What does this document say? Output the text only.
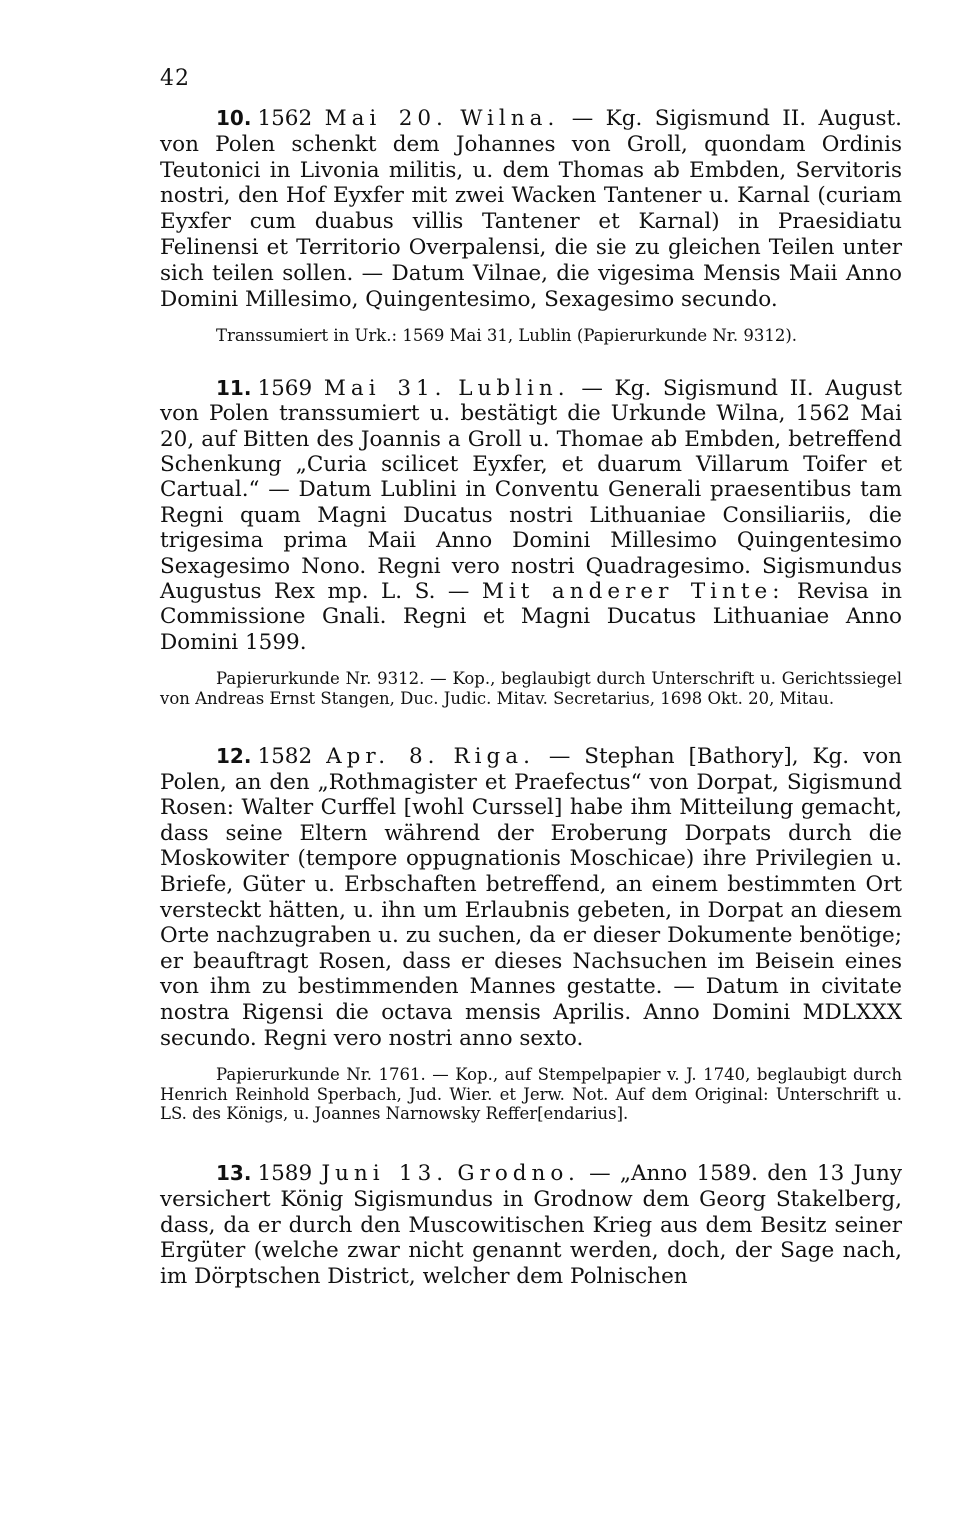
42

10. 1562 Mai 20. Wilna. — Kg. Sigismund II. August. von Polen schenkt dem Johannes von Groll, quondam Ordinis Teutonici in Livonia militis, u. dem Thomas ab Embden, Servitoris nostri, den Hof Eyxfer mit zwei Wacken Tantener u. Karnal (curiam Eyxfer cum duabus villis Tantener et Karnal) in Praesidiatu Felinensi et Territorio Overpalensi, die sie zu gleichen Teilen unter sich teilen sollen. — Datum Vilnae, die vigesima Mensis Maii Anno Domini Millesimo, Quingentesimo, Sexagesimo secundo.

Transsumiert in Urk.: 1569 Mai 31, Lublin (Papierurkunde Nr. 9312).

11. 1569 Mai 31. Lublin. — Kg. Sigismund II. August von Polen transsumiert u. bestätigt die Urkunde Wilna, 1562 Mai 20, auf Bitten des Joannis a Groll u. Thomae ab Embden, betreffend Schenkung „Curia scilicet Eyxfer, et duarum Villarum Toifer et Cartual.“ — Datum Lublini in Conventu Generali praesentibus tam Regni quam Magni Ducatus nostri Lithuaniae Consiliariis, die trigesima prima Maii Anno Domini Millesimo Quingentesimo Sexagesimo Nono. Regni vero nostri Quadragesimo. Sigismundus Augustus Rex mp. L. S. — Mit anderer Tinte: Revisa in Commissione Gnali. Regni et Magni Ducatus Lithuaniae Anno Domini 1599.

Papierurkunde Nr. 9312. — Kop., beglaubigt durch Unterschrift u. Gerichtssiegel von Andreas Ernst Stangen, Duc. Judic. Mitav. Secretarius, 1698 Okt. 20, Mitau.

12. 1582 Apr. 8. Riga. — Stephan [Bathory], Kg. von Polen, an den „Rothmagister et Praefectus“ von Dorpat, Sigismund Rosen: Walter Curffel [wohl Curssel] habe ihm Mitteilung gemacht, dass seine Eltern während der Eroberung Dorpats durch die Moskowiter (tempore oppugnationis Moschicae) ihre Privilegien u. Briefe, Güter u. Erbschaften betreffend, an einem bestimmten Ort versteckt hätten, u. ihn um Erlaubnis gebeten, in Dorpat an diesem Orte nachzugraben u. zu suchen, da er dieser Dokumente benötige; er beauftragt Rosen, dass er dieses Nachsuchen im Beisein eines von ihm zu bestimmenden Mannes gestatte. — Datum in civitate nostra Rigensi die octava mensis Aprilis. Anno Domini MDLXXX secundo. Regni vero nostri anno sexto.

Papierurkunde Nr. 1761. — Kop., auf Stempelpapier v. J. 1740, beglaubigt durch Henrich Reinhold Sperbach, Jud. Wier. et Jerw. Not. Auf dem Original: Unterschrift u. LS. des Königs, u. Joannes Narnowsky Reffer[endarius].

13. 1589 Juni 13. Grodno. — „Anno 1589. den 13 Juny versichert König Sigismundus in Grodnow dem Georg Stakelberg, dass, da er durch den Muscowitischen Krieg aus dem Besitz seiner Ergüter (welche zwar nicht genannt werden, doch, der Sage nach, im Dörptschen District, welcher dem Polnischen
